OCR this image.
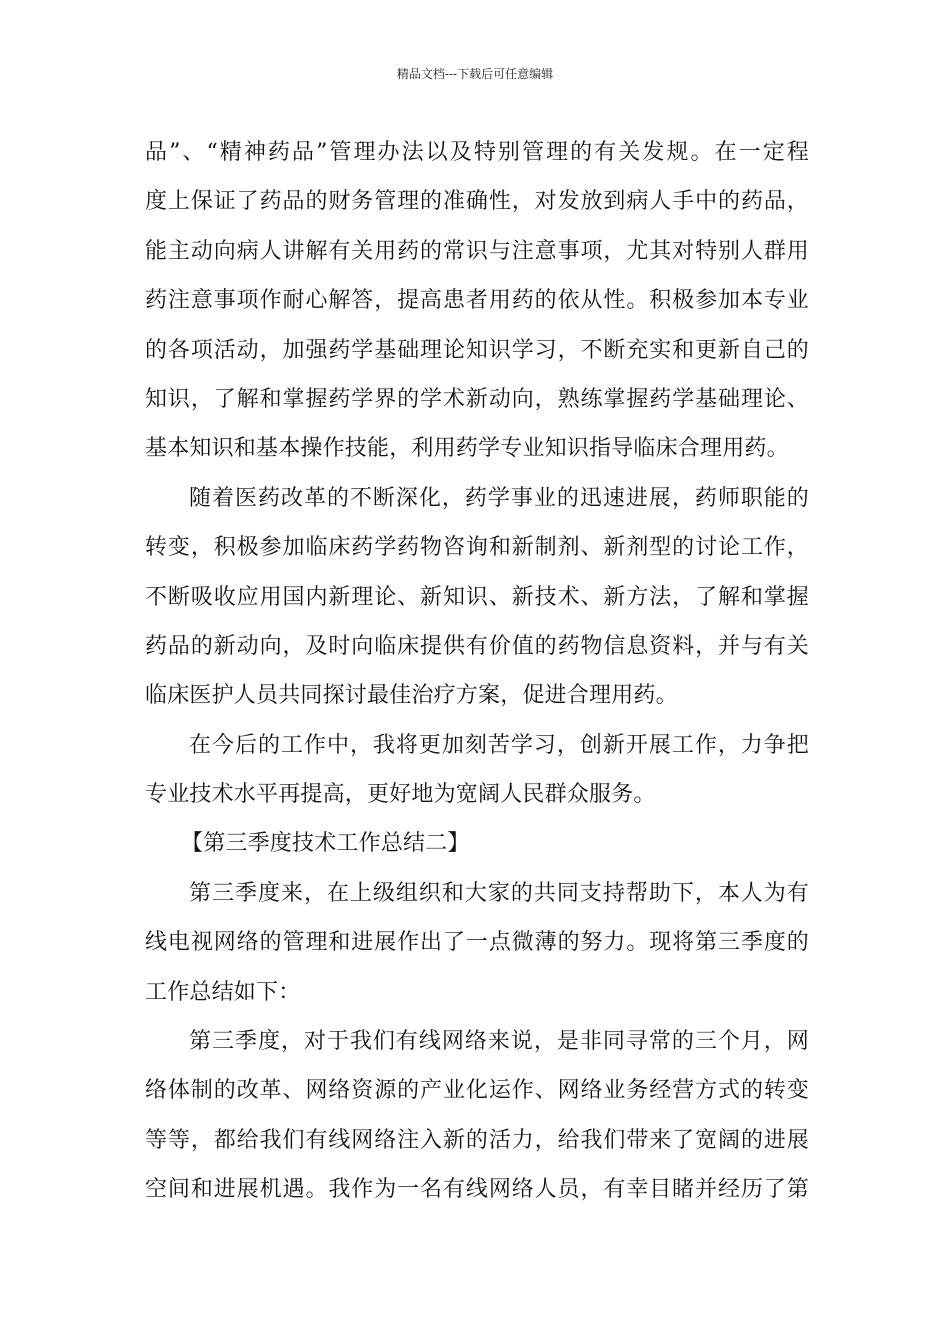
精品文档---下载后可任意编辑
品”、“精神药品”管理办法以及特别管理的有关发规。在一定程
度上保证了药品的财务管理的准确性，对发放到病人手中的药品，
能主动向病人讲解有关用药的常识与注意事项，尤其对特别人群用
药注意事项作耐心解答，提高患者用药的依从性。积极参加本专业
的各项活动，加强药学基础理论知识学习，不断充实和更新自己的
知识，了解和掌握药学界的学术新动向，熟练掌握药学基础理论、
基本知识和基本操作技能，利用药学专业知识指导临床合理用药。
随着医药改革的不断深化，药学事业的迅速进展，药师职能的
转变，积极参加临床药学药物咨询和新制剂、新剂型的讨论工作，
不断吸收应用国内新理论、新知识、新技术、新方法，了解和掌握
药品的新动向，及时向临床提供有价值的药物信息资料，并与有关
临床医护人员共同探讨最佳治疗方案，促进合理用药。
在今后的工作中，我将更加刻苦学习，创新开展工作，力争把
专业技术水平再提高，更好地为宽阔人民群众服务。
【第三季度技术工作总结二】
第三季度来，在上级组织和大家的共同支持帮助下，本人为有
线电视网络的管理和进展作出了一点微薄的努力。现将第三季度的
工作总结如下：
第三季度，对于我们有线网络来说，是非同寻常的三个月，网
络体制的改革、网络资源的产业化运作、网络业务经营方式的转变
等等，都给我们有线网络注入新的活力，给我们带来了宽阔的进展
空间和进展机遇。我作为一名有线网络人员，有幸目睹并经历了第
